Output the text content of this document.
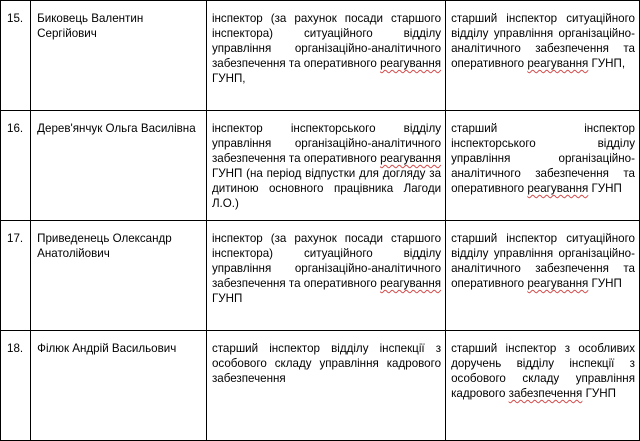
15.	Биковець Валентин Сергійович	інспектор (за рахунок посади старшого інспектора) ситуаційного відділу управління організаційно-аналітичного забезпечення та оперативного реагування ГУНП,	старший інспектор ситуаційного відділу управління організаційно-аналітичного забезпечення та оперативного реагування ГУНП,

16.	Дерев'янчук Ольга Василівна	інспектор інспекторського відділу управління організаційно-аналітичного забезпечення та оперативного реагування ГУНП (на період відпустки для догляду за дитиною основного працівника Лагоди Л.О.)	старший інспектор інспекторського відділу управління організаційно-аналітичного забезпечення та оперативного реагування ГУНП

17.	Приведенець Олександр Анатолійович	інспектор (за рахунок посади старшого інспектора) ситуаційного відділу управління організаційно-аналітичного забезпечення та оперативного реагування ГУНП	старший інспектор ситуаційного відділу управління організаційно-аналітичного забезпечення та оперативного реагування ГУНП

18.	Філюк Андрій Васильович	старший інспектор відділу інспекції з особового складу управління кадрового забезпечення	старший інспектор з особливих доручень відділу інспекції з особового складу управління кадрового забезпечення ГУНП
